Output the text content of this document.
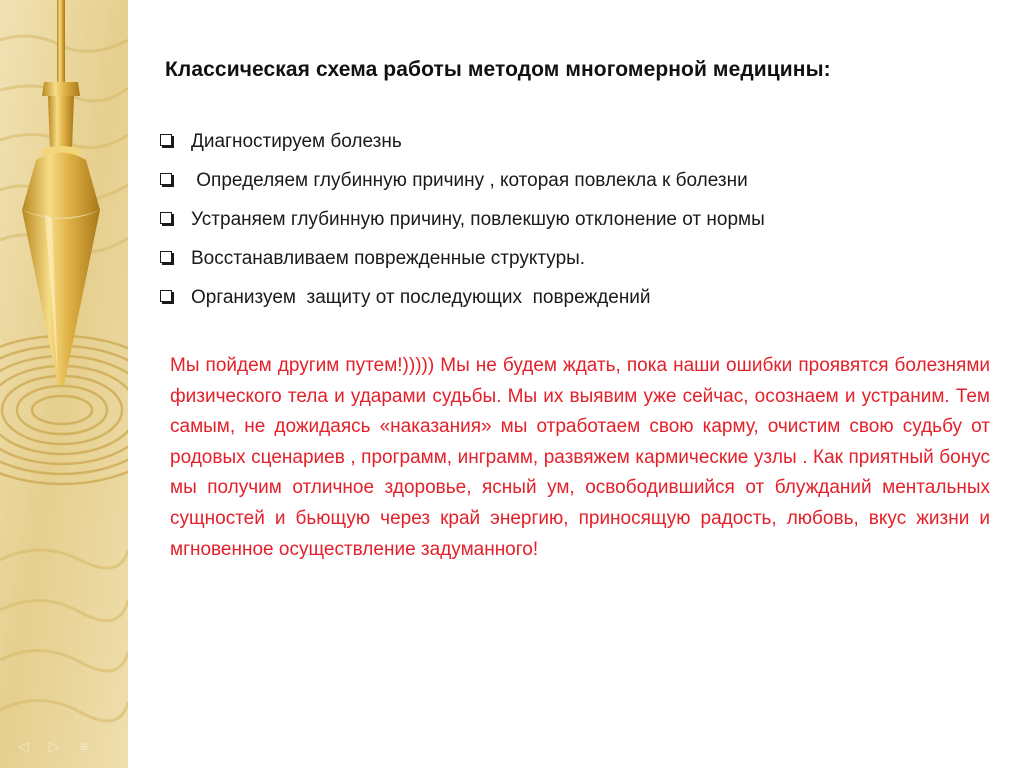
Классическая схема работы методом многомерной медицины:
Диагностируем болезнь
Определяем глубинную причину , которая повлекла к болезни
Устраняем глубинную причину, повлекшую отклонение от нормы
Восстанавливаем поврежденные структуры.
Организуем  защиту от последующих  повреждений

Мы пойдем другим путем!))))) Мы не будем ждать, пока наши ошибки проявятся болезнями физического тела и ударами судьбы. Мы их выявим уже сейчас, осознаем и устраним. Тем самым, не дожидаясь «наказания» мы отработаем свою карму, очистим свою судьбу от родовых сценариев , программ, инграмм, развяжем кармические узлы . Как приятный бонус мы получим отличное здоровье, ясный ум, освободившийся от блужданий ментальных сущностей и бьющую через край энергию, приносящую радость, любовь, вкус жизни и мгновенное осуществление задуманного!

◁ ▷ ≡
